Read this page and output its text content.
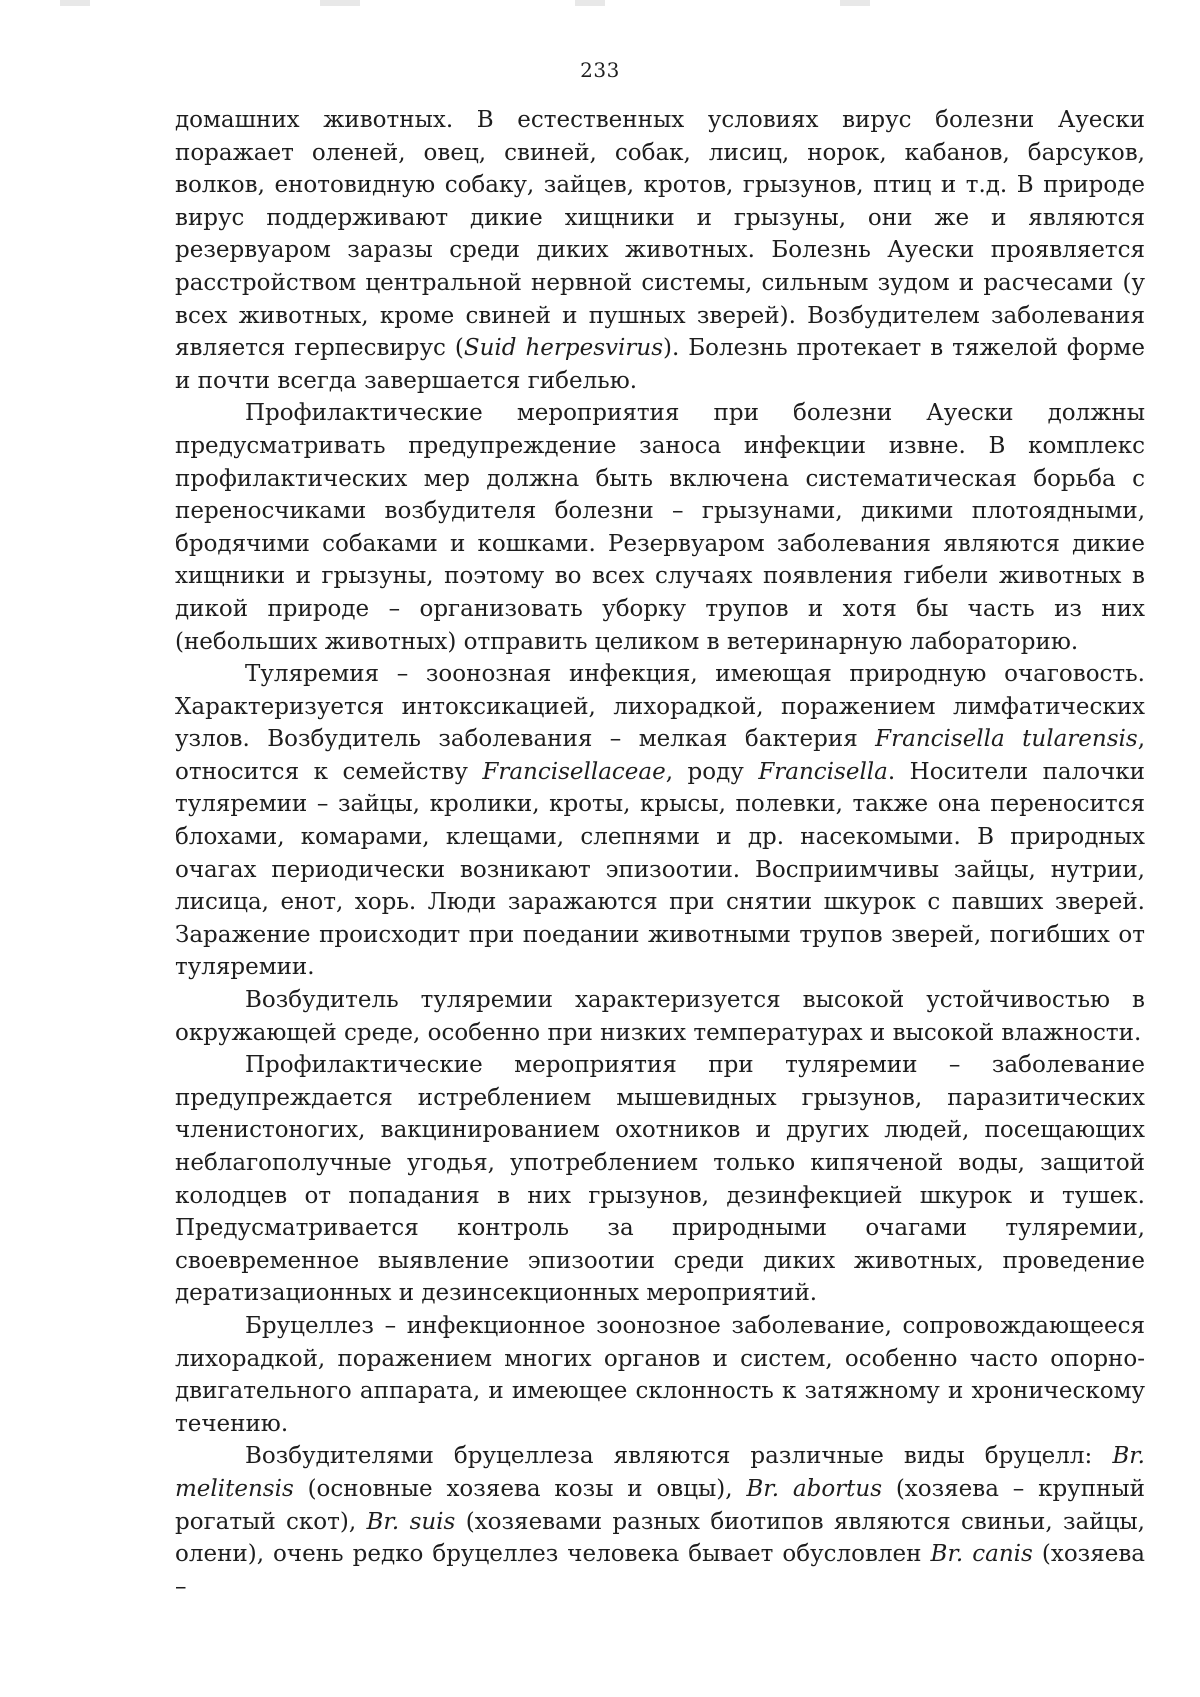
233

домашних животных. В естественных условиях вирус болезни Ауески поражает оленей, овец, свиней, собак, лисиц, норок, кабанов, барсуков, волков, енотовидную собаку, зайцев, кротов, грызунов, птиц и т.д. В природе вирус поддерживают дикие хищники и грызуны, они же и являются резервуаром заразы среди диких животных. Болезнь Ауески проявляется расстройством центральной нервной системы, сильным зудом и расчесами (у всех животных, кроме свиней и пушных зверей). Возбудителем заболевания является герпесвирус (Suid herpesvirus). Болезнь протекает в тяжелой форме и почти всегда завершается гибелью.

Профилактические мероприятия при болезни Ауески должны предусматривать предупреждение заноса инфекции извне. В комплекс профилактических мер должна быть включена систематическая борьба с переносчиками возбудителя болезни – грызунами, дикими плотоядными, бродячими собаками и кошками. Резервуаром заболевания являются дикие хищники и грызуны, поэтому во всех случаях появления гибели животных в дикой природе – организовать уборку трупов и хотя бы часть из них (небольших животных) отправить целиком в ветеринарную лабораторию.

Туляремия – зоонозная инфекция, имеющая природную очаговость. Характеризуется интоксикацией, лихорадкой, поражением лимфатических узлов. Возбудитель заболевания – мелкая бактерия Francisella tularensis, относится к семейству Francisellaceae, роду Francisella. Носители палочки туляремии – зайцы, кролики, кроты, крысы, полевки, также она переносится блохами, комарами, клещами, слепнями и др. насекомыми. В природных очагах периодически возникают эпизоотии. Восприимчивы зайцы, нутрии, лисица, енот, хорь. Люди заражаются при снятии шкурок с павших зверей. Заражение происходит при поедании животными трупов зверей, погибших от туляремии.

Возбудитель туляремии характеризуется высокой устойчивостью в окружающей среде, особенно при низких температурах и высокой влажности.

Профилактические мероприятия при туляремии – заболевание предупреждается истреблением мышевидных грызунов, паразитических членистоногих, вакцинированием охотников и других людей, посещающих неблагополучные угодья, употреблением только кипяченой воды, защитой колодцев от попадания в них грызунов, дезинфекцией шкурок и тушек. Предусматривается контроль за природными очагами туляремии, своевременное выявление эпизоотии среди диких животных, проведение дератизационных и дезинсекционных мероприятий.

Бруцеллез – инфекционное зоонозное заболевание, сопровождающееся лихорадкой, поражением многих органов и систем, особенно часто опорно-двигательного аппарата, и имеющее склонность к затяжному и хроническому течению.

Возбудителями бруцеллеза являются различные виды бруцелл: Br. melitensis (основные хозяева козы и овцы), Br. abortus (хозяева – крупный рогатый скот), Br. suis (хозяевами разных биотипов являются свиньи, зайцы, олени), очень редко бруцеллез человека бывает обусловлен Br. canis (хозяева –
